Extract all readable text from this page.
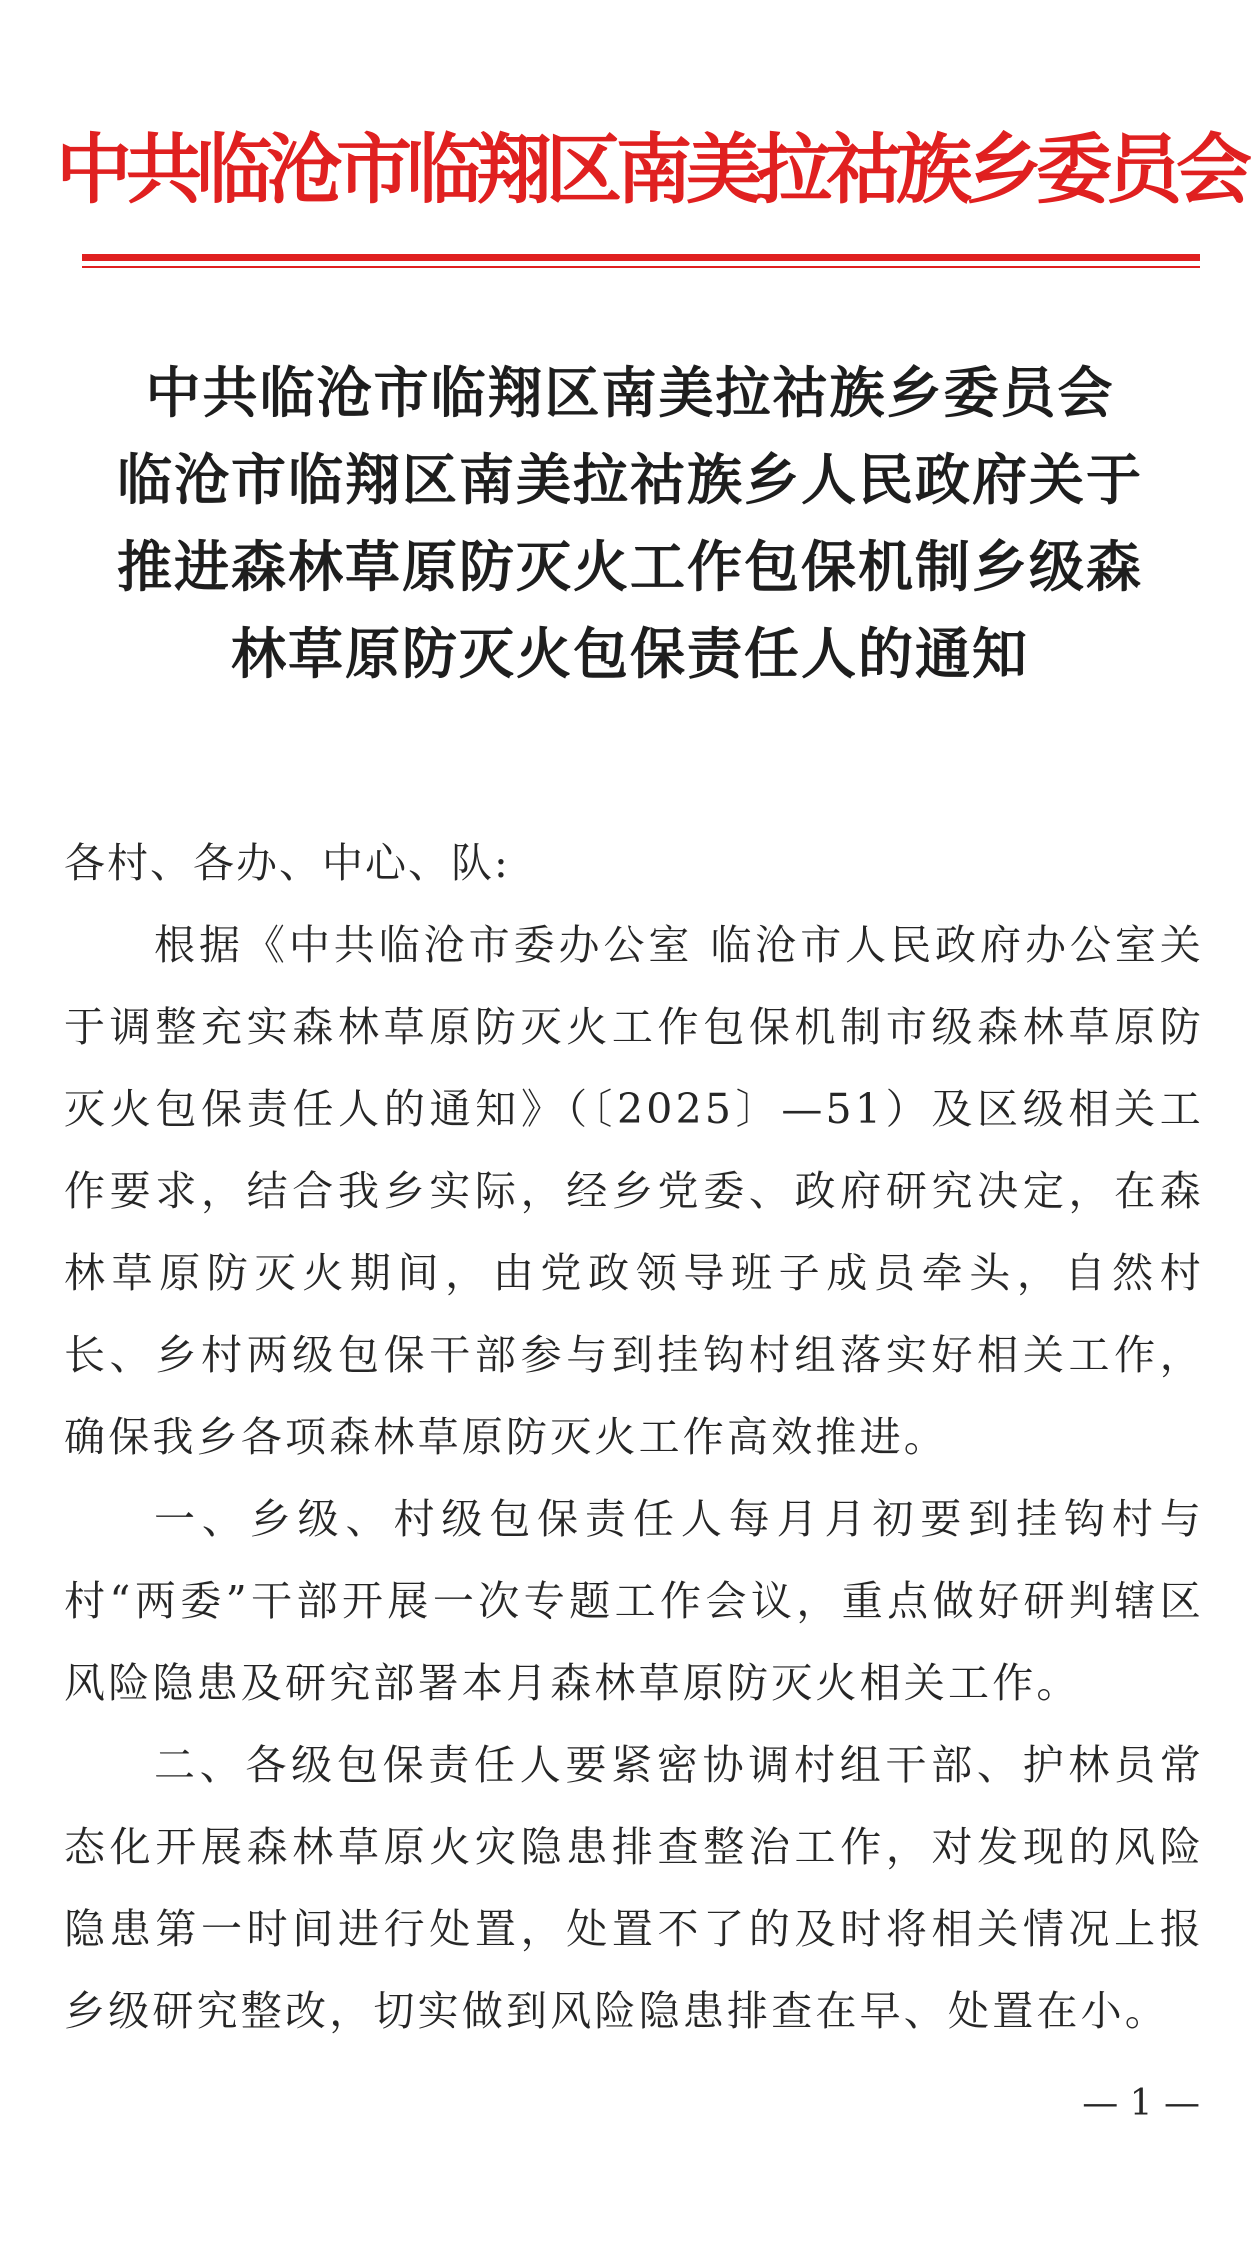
中共临沧市临翔区南美拉祜族乡委员会
中共临沧市临翔区南美拉祜族乡委员会
临沧市临翔区南美拉祜族乡人民政府关于
推进森林草原防灭火工作包保机制乡级森
林草原防灭火包保责任人的通知
各村、各办、中心、队:

根据《中共临沧市委办公室 临沧市人民政府办公室关于调整充实森林草原防灭火工作包保机制市级森林草原防灭火包保责任人的通知》（〔2025〕—51）及区级相关工作要求，结合我乡实际，经乡党委、政府研究决定，在森林草原防灭火期间，由党政领导班子成员牵头，自然村长、乡村两级包保干部参与到挂钩村组落实好相关工作，确保我乡各项森林草原防灭火工作高效推进。

一、乡级、村级包保责任人每月月初要到挂钩村与村“两委”干部开展一次专题工作会议，重点做好研判辖区风险隐患及研究部署本月森林草原防灭火相关工作。

二、各级包保责任人要紧密协调村组干部、护林员常态化开展森林草原火灾隐患排查整治工作，对发现的风险隐患第一时间进行处置，处置不了的及时将相关情况上报乡级研究整改，切实做到风险隐患排查在早、处置在小。

— 1 —
